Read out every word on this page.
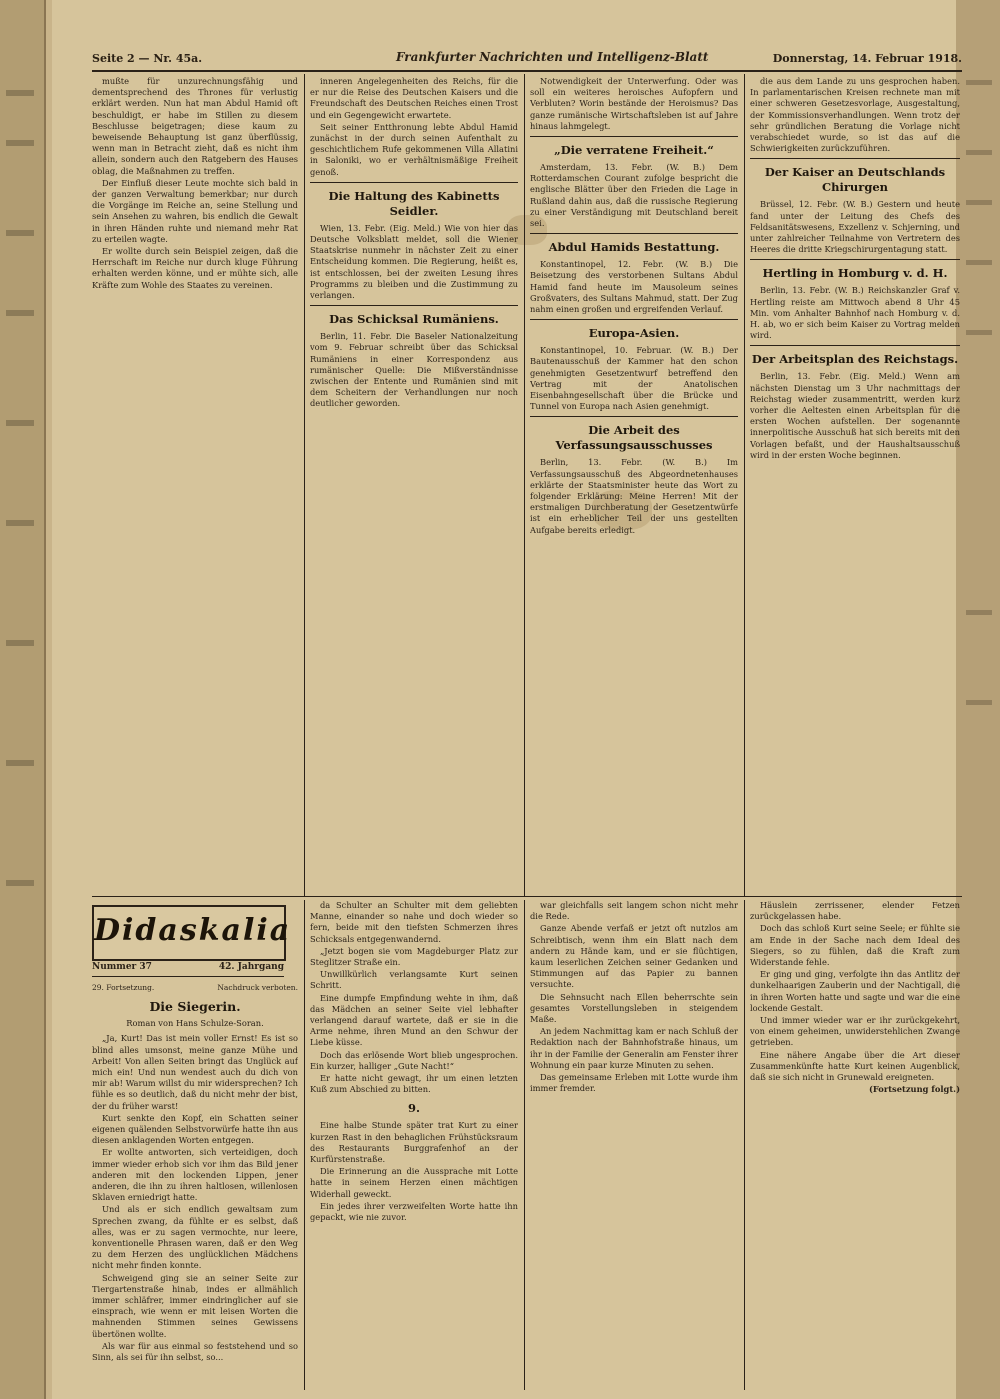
Seite 2 — Nr. 45a.	Frankfurter Nachrichten und Intelligenz-Blatt	Donnerstag, 14. Februar 1918.

mußte für unzurechnungsfähig und dementsprechend des Thrones für verlustig erklärt werden. Nun hat man Abdul Hamid oft beschuldigt, er habe im Stillen zu diesem Beschlusse beigetragen; diese kaum zu beweisende Behauptung ist ganz überflüssig, wenn man in Betracht zieht, daß es nicht ihm allein, sondern auch den Ratgebern des Hauses oblag, die Maßnahmen zu treffen.

Der Einfluß dieser Leute mochte sich bald in der ganzen Verwaltung bemerkbar; nur durch die Vorgänge im Reiche an, seine Stellung und sein Ansehen zu wahren, bis endlich die Gewalt in ihren Händen ruhte und niemand mehr Rat zu erteilen wagte.

Er wollte durch sein Beispiel zeigen, daß die Herrschaft im Reiche nur durch kluge Führung erhalten werden könne, und er mühte sich, alle Kräfte zum Wohle des Staates zu vereinen.

inneren Angelegenheiten des Reichs, für die er nur die Reise des Deutschen Kaisers und die Freundschaft des Deutschen Reiches einen Trost und ein Gegengewicht erwartete.

Seit seiner Entthronung lebte Abdul Hamid zunächst in der durch seinen Aufenthalt zu geschichtlichem Rufe gekommenen Villa Allatini in Saloniki, wo er verhältnismäßige Freiheit genoß.

Die Haltung des Kabinetts Seidler.

Wien, 13. Febr. (Eig. Meld.) Wie von hier das Deutsche Volksblatt meldet, soll die Wiener Staatskrise nunmehr in nächster Zeit zu einer Entscheidung kommen. Die Regierung, heißt es, ist entschlossen, bei der zweiten Lesung ihres Programms zu bleiben und die Zustimmung zu verlangen.

Das Schicksal Rumäniens.

Berlin, 11. Febr. Die Baseler Nationalzeitung vom 9. Februar schreibt über das Schicksal Rumäniens in einer Korrespondenz aus rumänischer Quelle: Die Mißverständnisse zwischen der Entente und Rumänien sind mit dem Scheitern der Verhandlungen nur noch deutlicher geworden.

Notwendigkeit der Unterwerfung. Oder was soll ein weiteres heroisches Aufopfern und Verbluten? Worin bestände der Heroismus? Das ganze rumänische Wirtschaftsleben ist auf Jahre hinaus lahmgelegt.

„Die verratene Freiheit.“

Amsterdam, 13. Febr. (W. B.) Dem Rotterdamschen Courant zufolge bespricht die englische Blätter über den Frieden die Lage in Rußland dahin aus, daß die russische Regierung zu einer Verständigung mit Deutschland bereit sei.

Abdul Hamids Bestattung.

Konstantinopel, 12. Febr. (W. B.) Die Beisetzung des verstorbenen Sultans Abdul Hamid fand heute im Mausoleum seines Großvaters, des Sultans Mahmud, statt. Der Zug nahm einen großen und ergreifenden Verlauf.

Europa-Asien.

Konstantinopel, 10. Februar. (W. B.) Der Bautenausschuß der Kammer hat den schon genehmigten Gesetzentwurf betreffend den Vertrag mit der Anatolischen Eisenbahngesellschaft über die Brücke und Tunnel von Europa nach Asien genehmigt.

Die Arbeit des Verfassungsausschusses

Berlin, 13. Febr. (W. B.) Im Verfassungsausschuß des Abgeordnetenhauses erklärte der Staatsminister heute das Wort zu folgender Erklärung: Meine Herren! Mit der erstmaligen Durchberatung der Gesetzentwürfe ist ein erheblicher Teil der uns gestellten Aufgabe bereits erledigt.

die aus dem Lande zu uns gesprochen haben. In parlamentarischen Kreisen rechnete man mit einer schweren Gesetzesvorlage, Ausgestaltung, der Kommissionsverhandlungen. Wenn trotz der sehr gründlichen Beratung die Vorlage nicht verabschiedet wurde, so ist das auf die Schwierigkeiten zurückzuführen.

Der Kaiser an Deutschlands Chirurgen

Brüssel, 12. Febr. (W. B.) Gestern und heute fand unter der Leitung des Chefs des Feldsanitätswesens, Exzellenz v. Schjerning, und unter zahlreicher Teilnahme von Vertretern des Heeres die dritte Kriegschirurgentagung statt.

Hertling in Homburg v. d. H.

Berlin, 13. Febr. (W. B.) Reichskanzler Graf v. Hertling reiste am Mittwoch abend 8 Uhr 45 Min. vom Anhalter Bahnhof nach Homburg v. d. H. ab, wo er sich beim Kaiser zu Vortrag melden wird.

Der Arbeitsplan des Reichstags.

Berlin, 13. Febr. (Eig. Meld.) Wenn am nächsten Dienstag um 3 Uhr nachmittags der Reichstag wieder zusammentritt, werden kurz vorher die Aeltesten einen Arbeitsplan für die ersten Wochen aufstellen. Der sogenannte innerpolitische Ausschuß hat sich bereits mit den Vorlagen befaßt, und der Haushaltsausschuß wird in der ersten Woche beginnen.

Didaskalia
Nummer 37	42. Jahrgang
29. Fortsetzung.	Nachdruck verboten.
Die Siegerin.
Roman von Hans Schulze-Soran.

„Ja, Kurt! Das ist mein voller Ernst! Es ist so blind alles umsonst, meine ganze Mühe und Arbeit! Von allen Seiten bringt das Unglück auf mich ein! Und nun wendest auch du dich von mir ab! Warum willst du mir widersprechen? Ich fühle es so deutlich, daß du nicht mehr der bist, der du früher warst!

Kurt senkte den Kopf, ein Schatten seiner eigenen quälenden Selbstvorwürfe hatte ihn aus diesen anklagenden Worten entgegen.

Er wollte antworten, sich verteidigen, doch immer wieder erhob sich vor ihm das Bild jener anderen mit den lockenden Lippen, jener anderen, die ihn zu ihren haltlosen, willenlosen Sklaven erniedrigt hatte.

Und als er sich endlich gewaltsam zum Sprechen zwang, da fühlte er es selbst, daß alles, was er zu sagen vermochte, nur leere, konventionelle Phrasen waren, daß er den Weg zu dem Herzen des unglücklichen Mädchens nicht mehr finden konnte.

Schweigend ging sie an seiner Seite zur Tiergartenstraße hinab, indes er allmählich immer schläfrer, immer eindringlicher auf sie einsprach, wie wenn er mit leisen Worten die mahnenden Stimmen seines Gewissens übertönen wollte.

Als war für aus einmal so feststehend und so Sinn, als sei für ihn selbst, so...

da Schulter an Schulter mit dem geliebten Manne, einander so nahe und doch wieder so fern, beide mit den tiefsten Schmerzen ihres Schicksals entgegenwandernd.

„Jetzt bogen sie vom Magdeburger Platz zur Steglitzer Straße ein.

Unwillkürlich verlangsamte Kurt seinen Schritt.

Eine dumpfe Empfindung wehte in ihm, daß das Mädchen an seiner Seite viel lebhafter verlangend darauf wartete, daß er sie in die Arme nehme, ihren Mund an den Schwur der Liebe küsse.

Doch das erlösende Wort blieb ungesprochen. Ein kurzer, halliger „Gute Nacht!“

Er hatte nicht gewagt, ihr um einen letzten Kuß zum Abschied zu bitten.

9.

Eine halbe Stunde später trat Kurt zu einer kurzen Rast in den behaglichen Frühstücksraum des Restaurants Burggrafenhof an der Kurfürstenstraße.

Die Erinnerung an die Aussprache mit Lotte hatte in seinem Herzen einen mächtigen Widerhall geweckt.

Ein jedes ihrer verzweifelten Worte hatte ihn gepackt, wie nie zuvor.

war gleichfalls seit langem schon nicht mehr die Rede.

Ganze Abende verfaß er jetzt oft nutzlos am Schreibtisch, wenn ihm ein Blatt nach dem andern zu Hände kam, und er sie flüchtigen, kaum leserlichen Zeichen seiner Gedanken und Stimmungen auf das Papier zu bannen versuchte.

Die Sehnsucht nach Ellen beherrschte sein gesamtes Vorstellungsleben in steigendem Maße.

An jedem Nachmittag kam er nach Schluß der Redaktion nach der Bahnhofstraße hinaus, um ihr in der Familie der Generalin am Fenster ihrer Wohnung ein paar kurze Minuten zu sehen.

Das gemeinsame Erleben mit Lotte wurde ihm immer fremder.

Häuslein zerrissener, elender Fetzen zurückgelassen habe.

Doch das schloß Kurt seine Seele; er fühlte sie am Ende in der Sache nach dem Ideal des Siegers, so zu fühlen, daß die Kraft zum Widerstande fehle.

Er ging und ging, verfolgte ihn das Antlitz der dunkelhaarigen Zauberin und der Nachtigall, die in ihren Worten hatte und sagte und war die eine lockende Gestalt.

Und immer wieder war er ihr zurückgekehrt, von einem geheimen, unwiderstehlichen Zwange getrieben.

Eine nähere Angabe über die Art dieser Zusammenkünfte hatte Kurt keinen Augenblick, daß sie sich nicht in Grunewald ereigneten.

(Fortsetzung folgt.)
